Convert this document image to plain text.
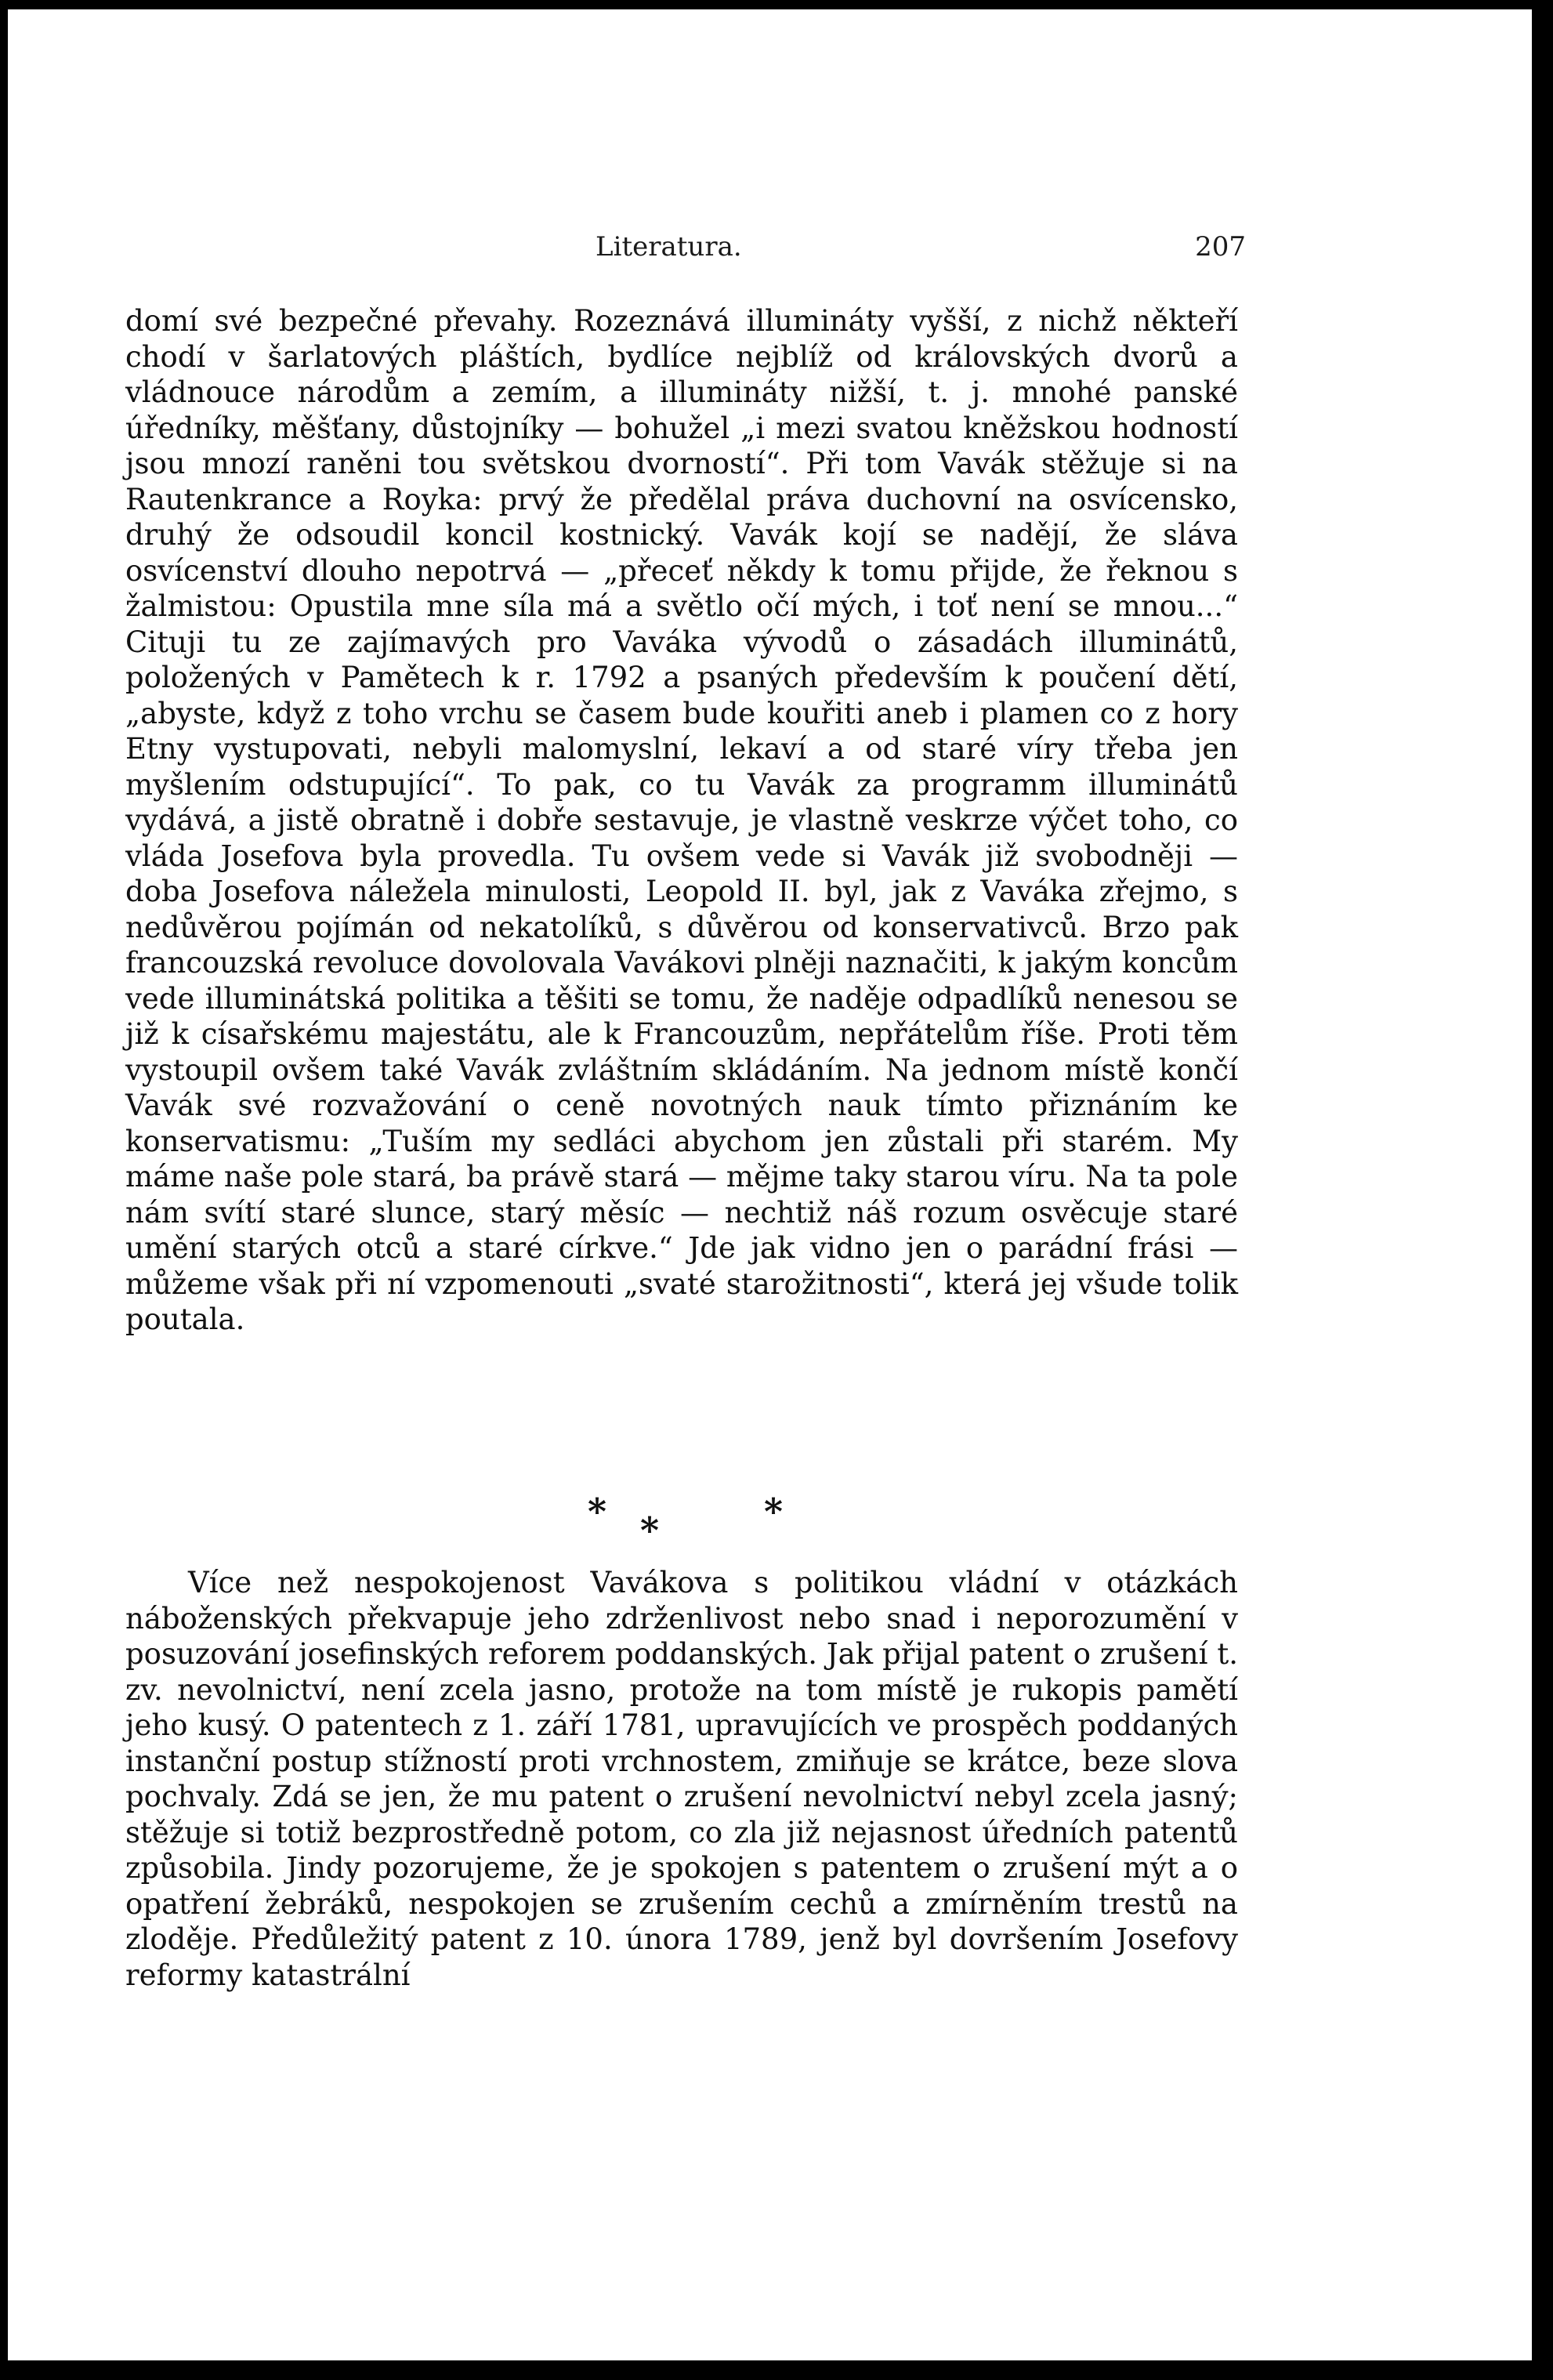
Literatura.	207

domí své bezpečné převahy. Rozeznává illumináty vyšší, z nichž někteří chodí v šarlatových pláštích, bydlíce nejblíž od královských dvorů a vládnouce národům a zemím, a illumináty nižší, t. j. mnohé panské úředníky, měšťany, důstojníky — bohužel „i mezi svatou kněžskou hodností jsou mnozí raněni tou světskou dvorností“. Při tom Vavák stěžuje si na Rautenkrance a Royka: prvý že předělal práva duchovní na osvícensko, druhý že odsoudil koncil kostnický. Vavák kojí se nadějí, že sláva osvícenství dlouho nepotrvá — „přeceť někdy k tomu přijde, že řeknou s žalmistou: Opustila mne síla má a světlo očí mých, i toť není se mnou...“ Cituji tu ze zajímavých pro Vaváka vývodů o zásadách illuminátů, položených v Pamětech k r. 1792 a psaných především k poučení dětí, „abyste, když z toho vrchu se časem bude kouřiti aneb i plamen co z hory Etny vystupovati, nebyli malomyslní, lekaví a od staré víry třeba jen myšlením odstupující“. To pak, co tu Vavák za programm illuminátů vydává, a jistě obratně i dobře sestavuje, je vlastně veskrze výčet toho, co vláda Josefova byla provedla. Tu ovšem vede si Vavák již svobodněji — doba Josefova náležela minulosti, Leopold II. byl, jak z Vaváka zřejmo, s nedůvěrou pojímán od nekatolíků, s důvěrou od konservativců. Brzo pak francouzská revoluce dovolovala Vavákovi plněji naznačiti, k jakým koncům vede illuminátská politika a těšiti se tomu, že naděje odpadlíků nenesou se již k císařskému majestátu, ale k Francouzům, nepřátelům říše. Proti těm vystoupil ovšem také Vavák zvláštním skládáním. Na jednom místě končí Vavák své rozvažování o ceně novotných nauk tímto přiznáním ke konservatismu: „Tuším my sedláci abychom jen zůstali při starém. My máme naše pole stará, ba právě stará — mějme taky starou víru. Na ta pole nám svítí staré slunce, starý měsíc — nechtiž náš rozum osvěcuje staré umění starých otců a staré církve.“ Jde jak vidno jen o parádní frási — můžeme však při ní vzpomenouti „svaté starožitnosti“, která jej všude tolik poutala.

* *	*

Více než nespokojenost Vavákova s politikou vládní v otázkách náboženských překvapuje jeho zdrženlivost nebo snad i neporozumění v posuzování josefinských reforem poddanských. Jak přijal patent o zrušení t. zv. nevolnictví, není zcela jasno, protože na tom místě je rukopis pamětí jeho kusý. O patentech z 1. září 1781, upravujících ve prospěch poddaných instanční postup stížností proti vrchnostem, zmiňuje se krátce, beze slova pochvaly. Zdá se jen, že mu patent o zrušení nevolnictví nebyl zcela jasný; stěžuje si totiž bezprostředně potom, co zla již nejasnost úředních patentů způsobila. Jindy pozorujeme, že je spokojen s patentem o zrušení mýt a o opatření žebráků, nespokojen se zrušením cechů a zmírněním trestů na zloděje. Předůležitý patent z 10. února 1789, jenž byl dovršením Josefovy reformy katastrální
